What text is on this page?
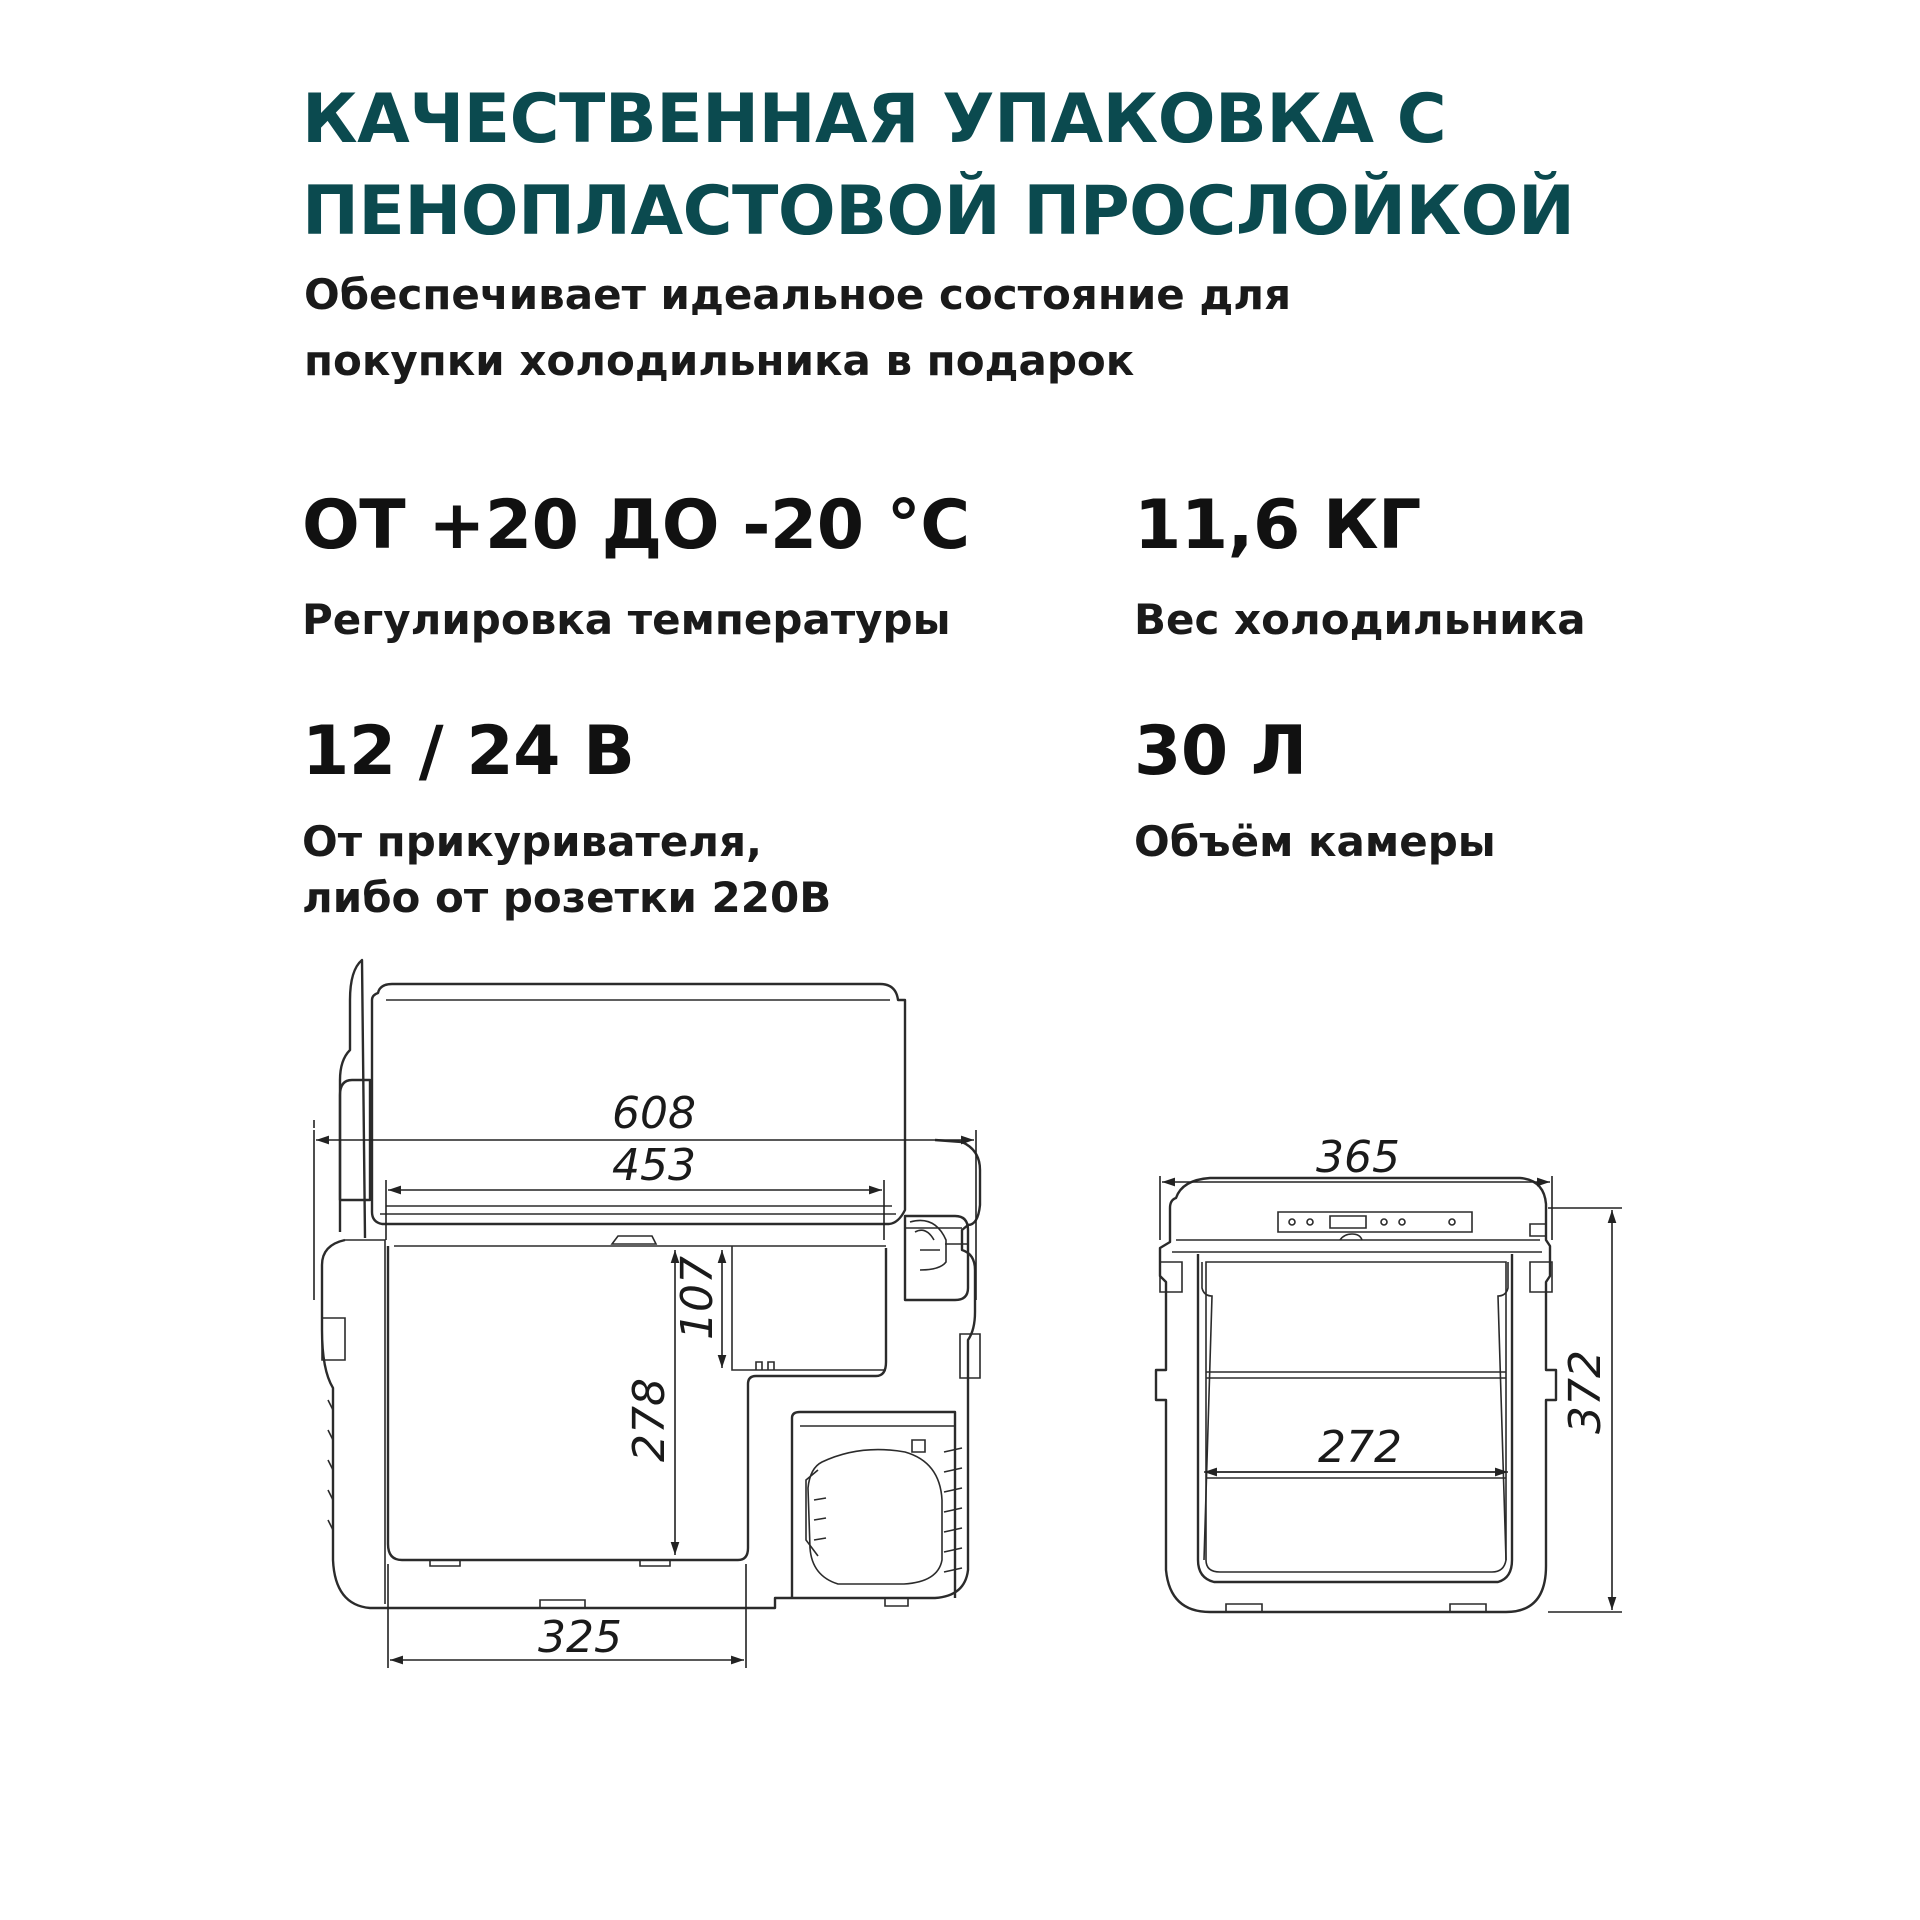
КАЧЕСТВЕННАЯ УПАКОВКА С
ПЕНОПЛАСТОВОЙ ПРОСЛОЙКОЙ

Обеспечивает идеальное состояние для
покупки холодильника в подарок

ОТ +20 ДО -20 °C
Регулировка температуры
11,6 КГ
Вес холодильника
12 / 24 В
От прикуривателя,
либо от розетки 220В
30 Л
Объём камеры
608
453
107
278
325
365
272
372
